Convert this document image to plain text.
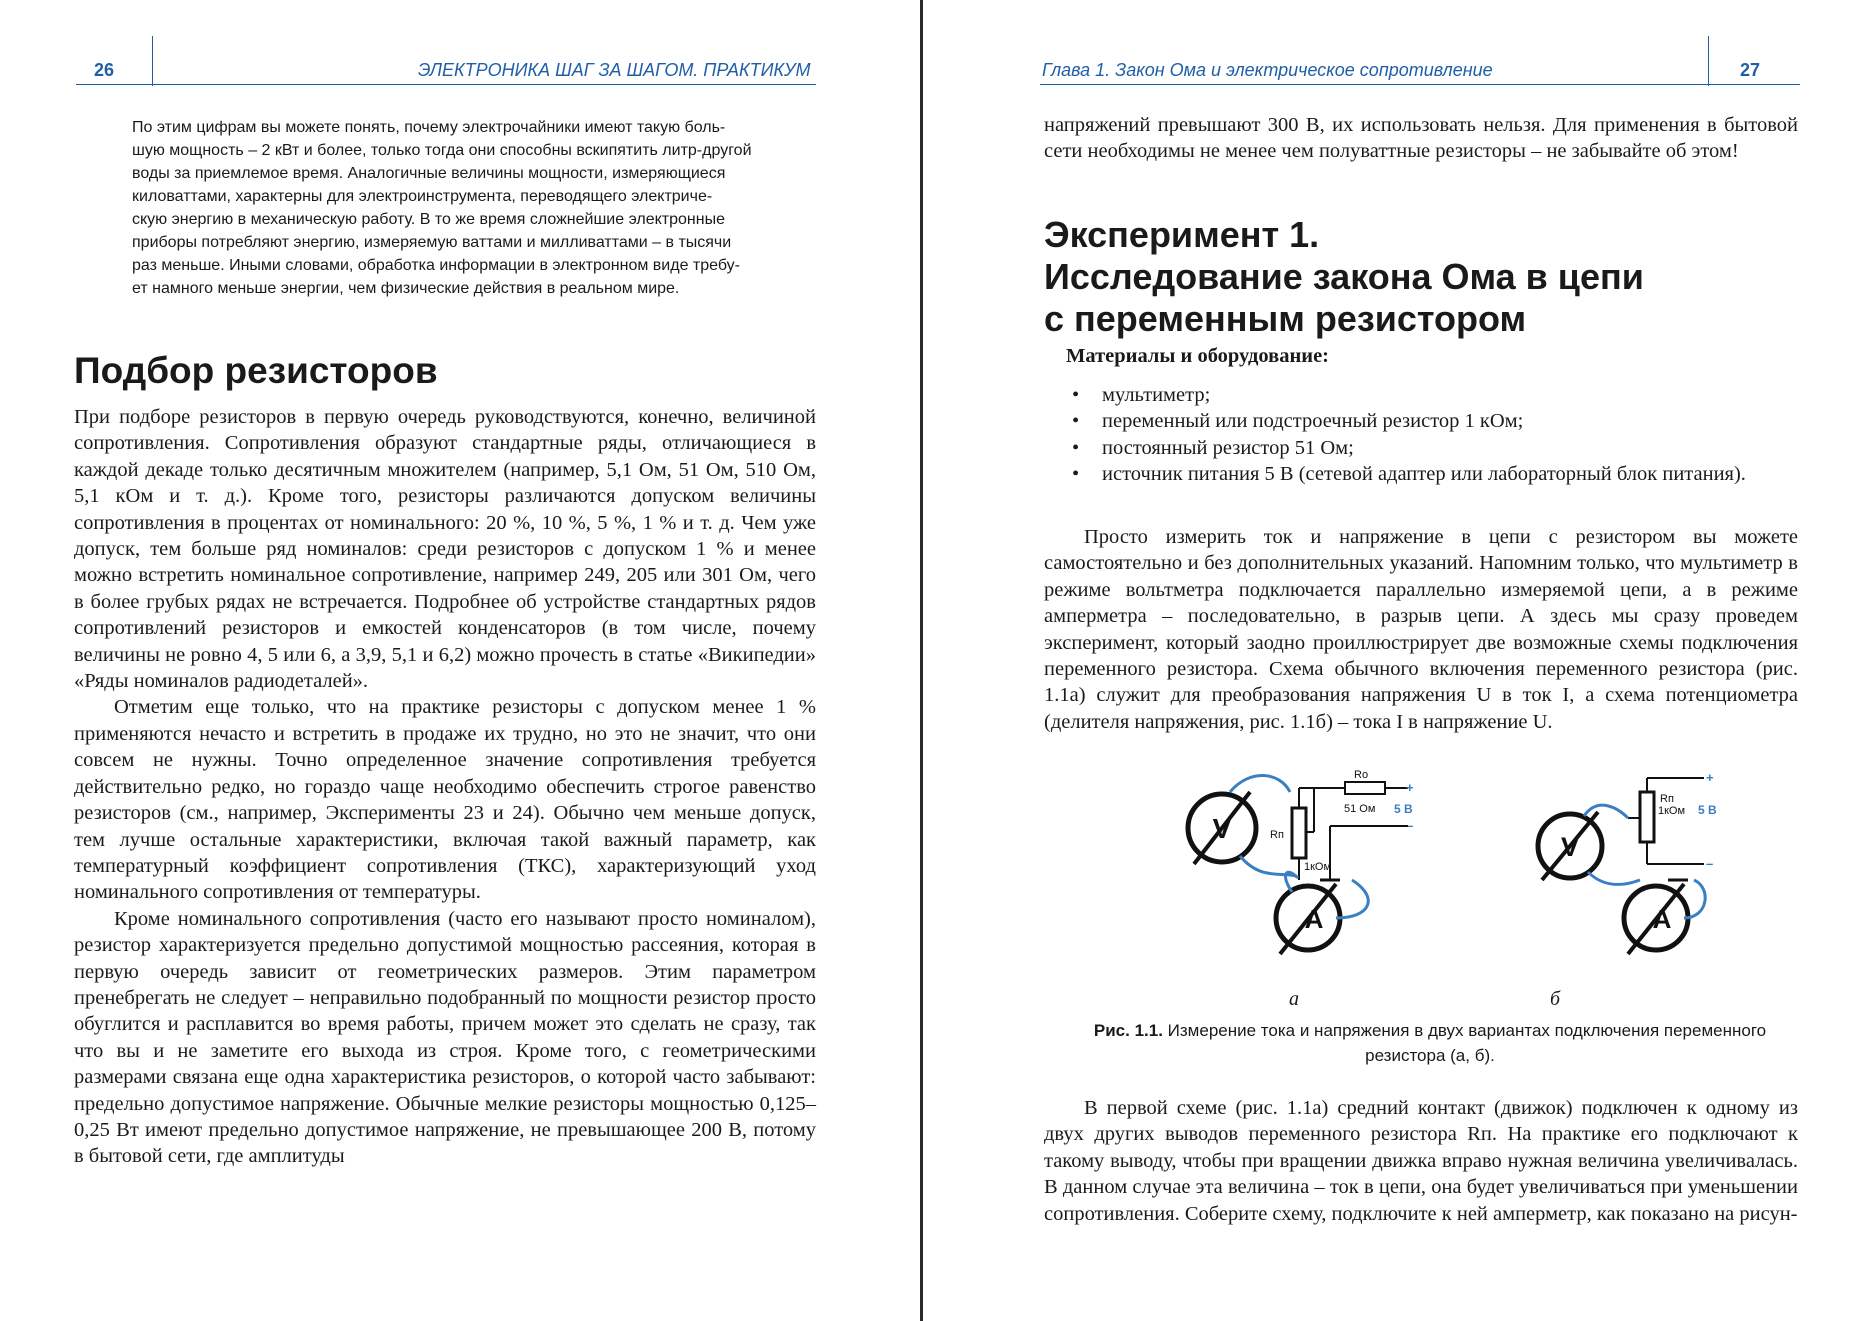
26	ЭЛЕКТРОНИКА ШАГ ЗА ШАГОМ. ПРАКТИКУМ
По этим цифрам вы можете понять, почему электрочайники имеют такую боль-
шую мощность – 2 кВт и более, только тогда они способны вскипятить литр-другой
воды за приемлемое время. Аналогичные величины мощности, измеряющиеся
киловаттами, характерны для электроинструмента, переводящего электриче-
скую энергию в механическую работу. В то же время сложнейшие электронные
приборы потребляют энергию, измеряемую ваттами и милливаттами – в тысячи
раз меньше. Иными словами, обработка информации в электронном виде требу-
ет намного меньше энергии, чем физические действия в реальном мире.
Подбор резисторов

При подборе резисторов в первую очередь руководствуются, конечно, величиной сопротивления. Сопротивления образуют стандартные ряды, отличающиеся в каждой декаде только десятичным множителем (например, 5,1 Ом, 51 Ом, 510 Ом, 5,1 кОм и т. д.). Кроме того, резисторы различаются допуском величины сопротивления в процентах от номинального: 20 %, 10 %, 5 %, 1 % и т. д. Чем уже допуск, тем больше ряд номиналов: среди резисторов с допуском 1 % и менее можно встретить номинальное сопротивление, например 249, 205 или 301 Ом, чего в более грубых рядах не встречается. Подробнее об устройстве стандартных рядов сопротивлений резисторов и емкостей конденсаторов (в том числе, почему величины не ровно 4, 5 или 6, а 3,9, 5,1 и 6,2) можно прочесть в статье «Википедии» «Ряды номиналов радиодеталей».

Отметим еще только, что на практике резисторы с допуском менее 1 % применяются нечасто и встретить в продаже их трудно, но это не значит, что они совсем не нужны. Точно определенное значение сопротивления требуется действительно редко, но гораздо чаще необходимо обеспечить строгое равенство резисторов (см., например, Эксперименты 23 и 24). Обычно чем меньше допуск, тем лучше остальные характеристики, включая такой важный параметр, как температурный коэффициент сопротивления (ТКС), характеризующий уход номинального сопротивления от температуры.

Кроме номинального сопротивления (часто его называют просто номиналом), резистор характеризуется предельно допустимой мощностью рассеяния, которая в первую очередь зависит от геометрических размеров. Этим параметром пренебрегать не следует – неправильно подобранный по мощности резистор просто обуглится и расплавится во время работы, причем может это сделать не сразу, так что вы и не заметите его выхода из строя. Кроме того, с геометрическими размерами связана еще одна характеристика резисторов, о которой часто забывают: предельно допустимое напряжение. Обычные мелкие резисторы мощностью 0,125–0,25 Вт имеют предельно допустимое напряжение, не превышающее 200 В, потому в бытовой сети, где амплитуды

Глава 1. Закон Ома и электрическое сопротивление	27

напряжений превышают 300 В, их использовать нельзя. Для применения в бытовой сети необходимы не менее чем полуваттные резисторы – не забывайте об этом!

Эксперимент 1.
Исследование закона Ома в цепи
с переменным резистором
Материалы и оборудование:
• мультиметр;
• переменный или подстроечный резистор 1 кОм;
• постоянный резистор 51 Ом;
• источник питания 5 В (сетевой адаптер или лабораторный блок питания).

Просто измерить ток и напряжение в цепи с резистором вы можете самостоятельно и без дополнительных указаний. Напомним только, что мультиметр в режиме вольтметра подключается параллельно измеряемой цепи, а в режиме амперметра – последовательно, в разрыв цепи. А здесь мы сразу проведем эксперимент, который заодно проиллюстрирует две возможные схемы подключения переменного резистора. Схема обычного включения переменного резистора (рис. 1.1а) служит для преобразования напряжения U в ток I, а схема потенциометра (делителя напряжения, рис. 1.1б) – тока I в напряжение U.

V	Rп
1кОм
Ro
51 Ом
+
5 В
–
A
V
Rп
1кОм
+
5 В
–
A
а	б
Рис. 1.1. Измерение тока и напряжения в двух вариантах подключения переменного резистора (а, б).

В первой схеме (рис. 1.1а) средний контакт (движок) подключен к одному из двух других выводов переменного резистора Rп. На практике его подключают к такому выводу, чтобы при вращении движка вправо нужная величина увеличивалась. В данном случае эта величина – ток в цепи, она будет увеличиваться при уменьшении сопротивления. Соберите схему, подключите к ней амперметр, как показано на рисун-
